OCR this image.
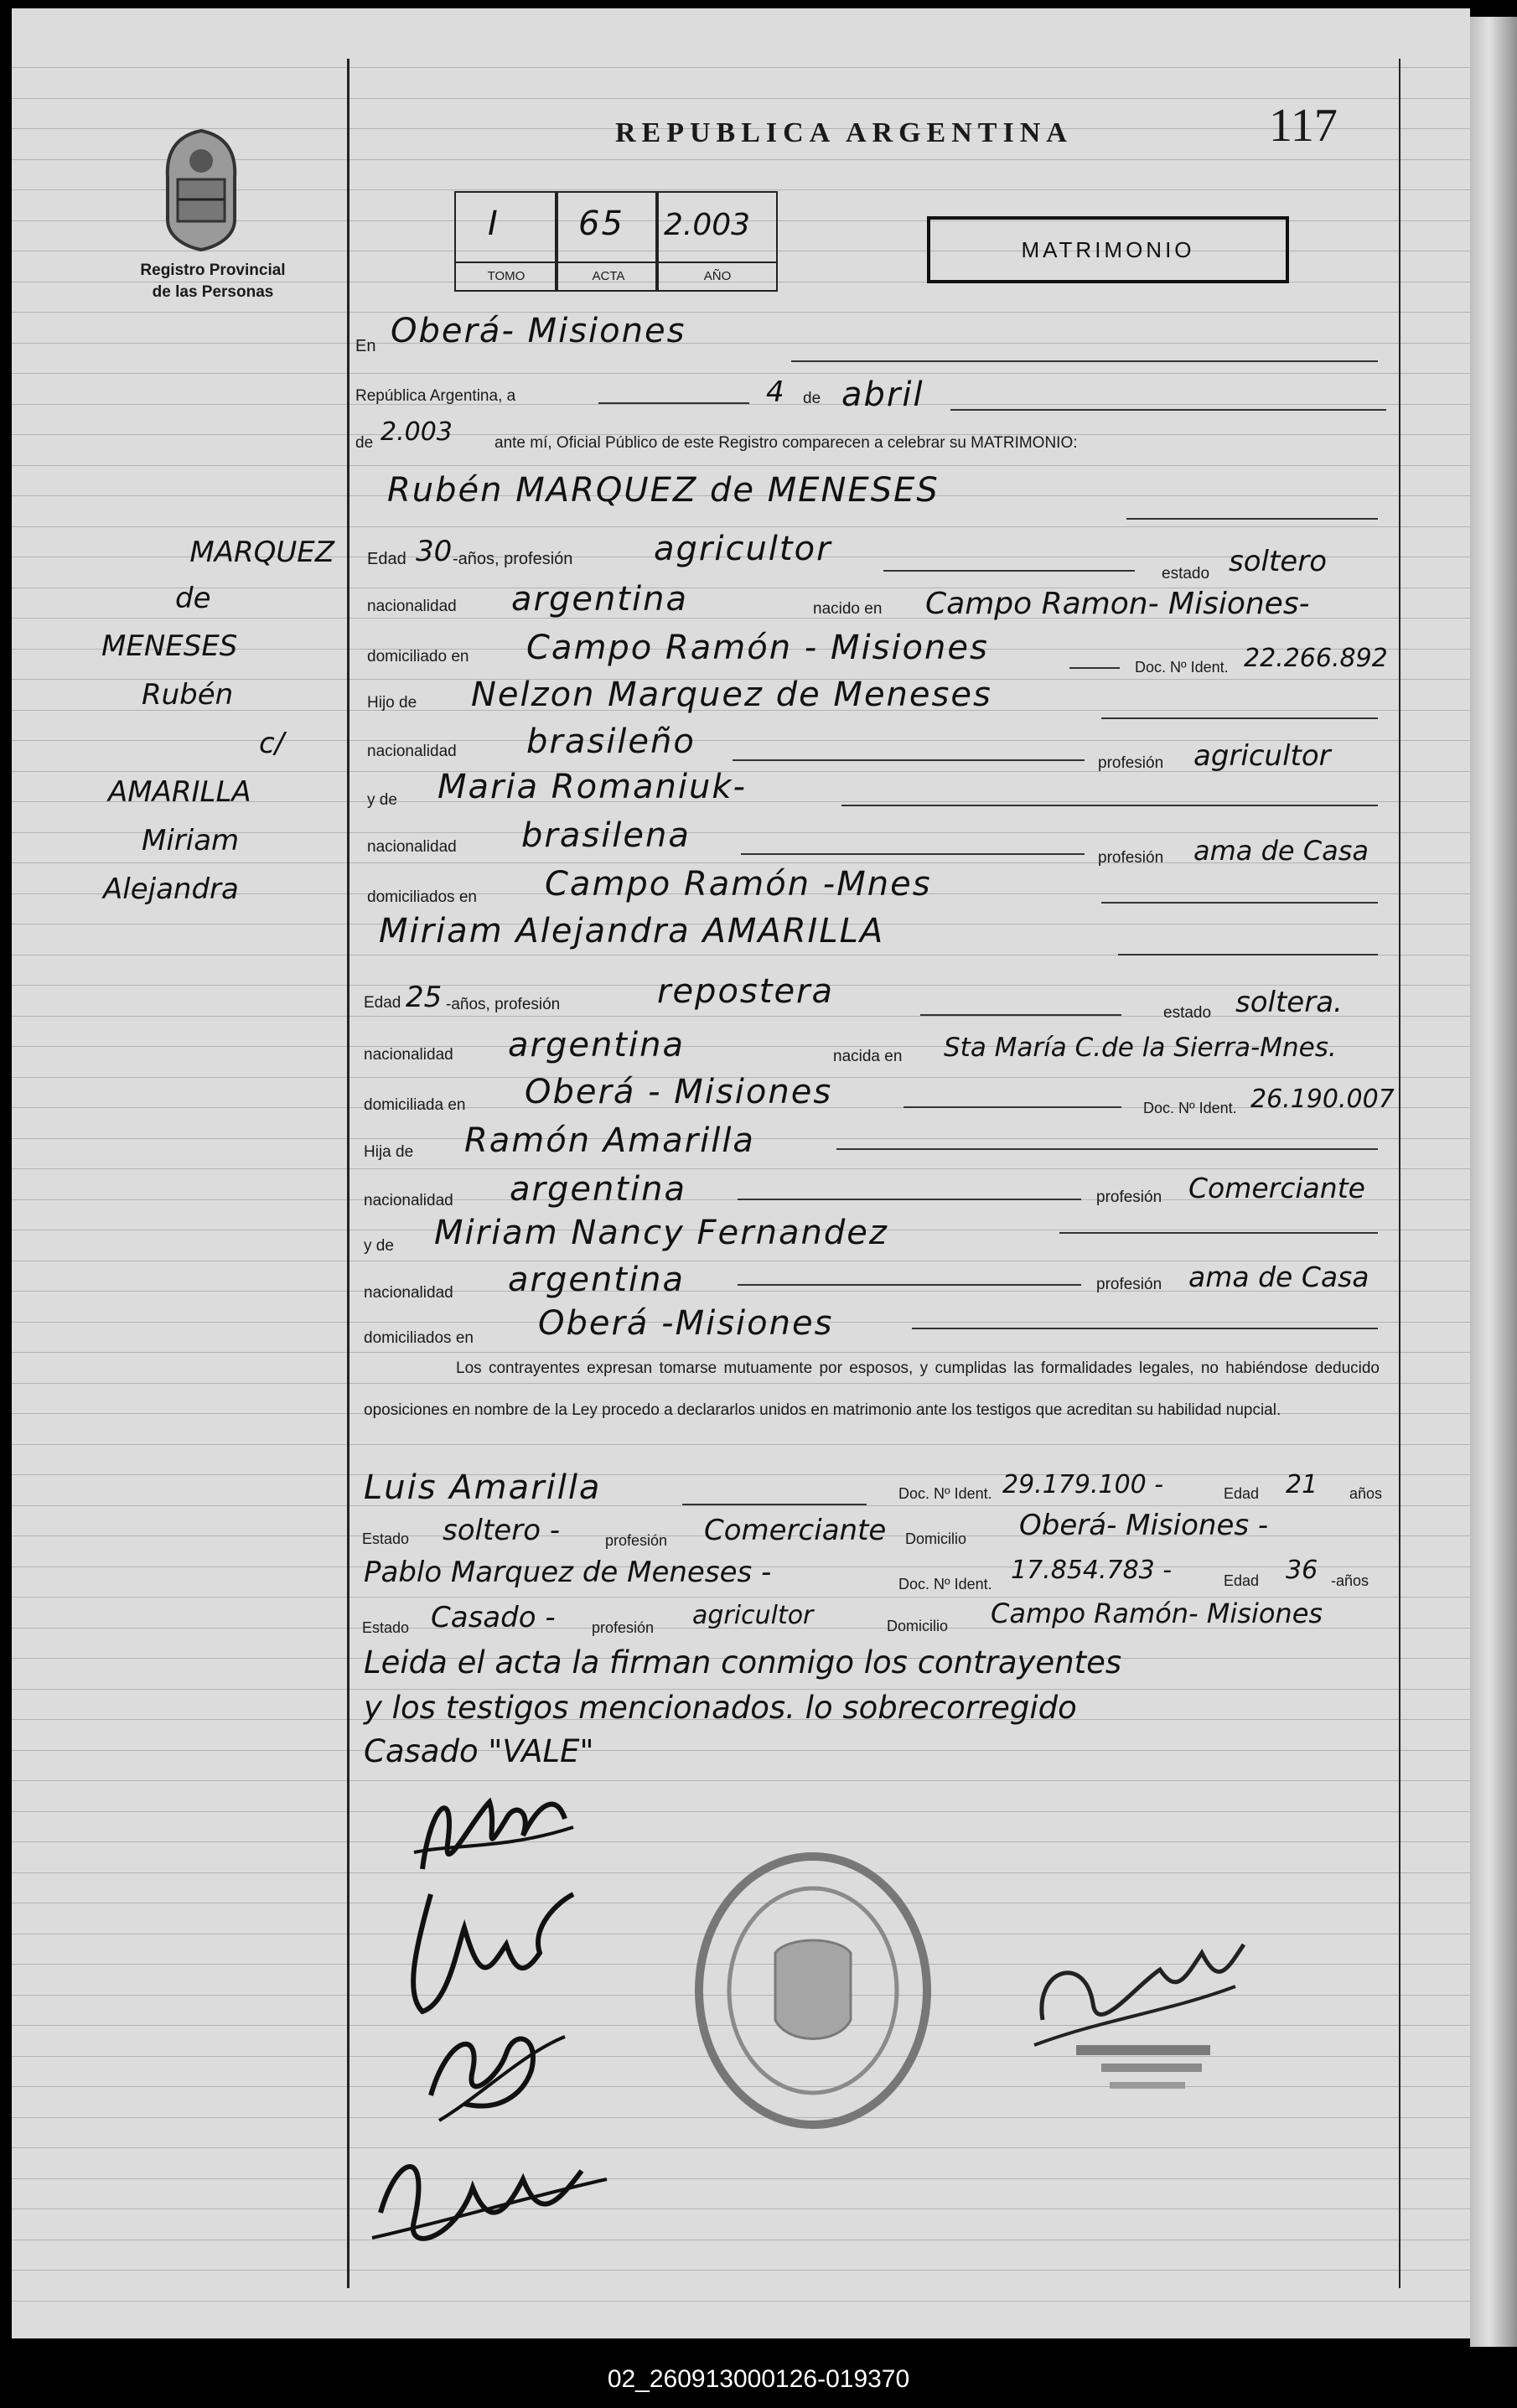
Registro Provincial
de las Personas
REPUBLICA ARGENTINA	117
I 65 2.003
TOMO	ACTA	AÑO
MATRIMONIO
MARQUEZ
de
MENESES
Rubén
c/
AMARILLA
Miriam
Alejandra
En Oberá- Misiones
República Argentina, a	4 de abril
de 2.003	ante mí, Oficial Público de este Registro comparecen a celebrar su MATRIMONIO:
Rubén MARQUEZ de MENESES
Edad 30 -años, profesión agricultor
estado soltero
nacionalidad argentina	nacido en Campo Ramon- Misiones-
domiciliado en Campo Ramón - Misiones	Doc. Nº Ident. 22.266.892
Hijo de Nelzon Marquez de Meneses
nacionalidad brasileño
profesión agricultor
y de Maria Romaniuk-
nacionalidad brasilena
profesión ama de Casa
domiciliados en Campo Ramón -Mnes
Miriam Alejandra AMARILLA
Edad 25 -años, profesión	repostera
estado soltera.
nacionalidad argentina	nacida en Sta María C.de la Sierra-Mnes.
domiciliada en Oberá - Misiones	Doc. Nº Ident. 26.190.007
Hija de Ramón Amarilla
nacionalidad argentina	profesión Comerciante
y de Miriam Nancy Fernandez
nacionalidad argentina	profesión ama de Casa
domiciliados en Oberá -Misiones
Los contrayentes expresan tomarse mutuamente por esposos, y cumplidas las formalidades legales, no habiéndose deducido oposiciones en nombre de la Ley procedo a declararlos unidos en matrimonio ante los testigos que acreditan su habilidad nupcial.
Luis Amarilla	Doc. Nº Ident. 29.179.100 -	Edad 21 años
Estado soltero -	profesión Comerciante Domicilio Oberá- Misiones -
Pablo Marquez de Meneses -	Doc. Nº Ident. 17.854.783 -	Edad 36 -años
Estado Casado - profesión agricultor	Domicilio Campo Ramón- Misiones
Leida el acta la firman conmigo los contrayentes
y los testigos mencionados. lo sobrecorregido
Casado "VALE"
02_260913000126-019370
